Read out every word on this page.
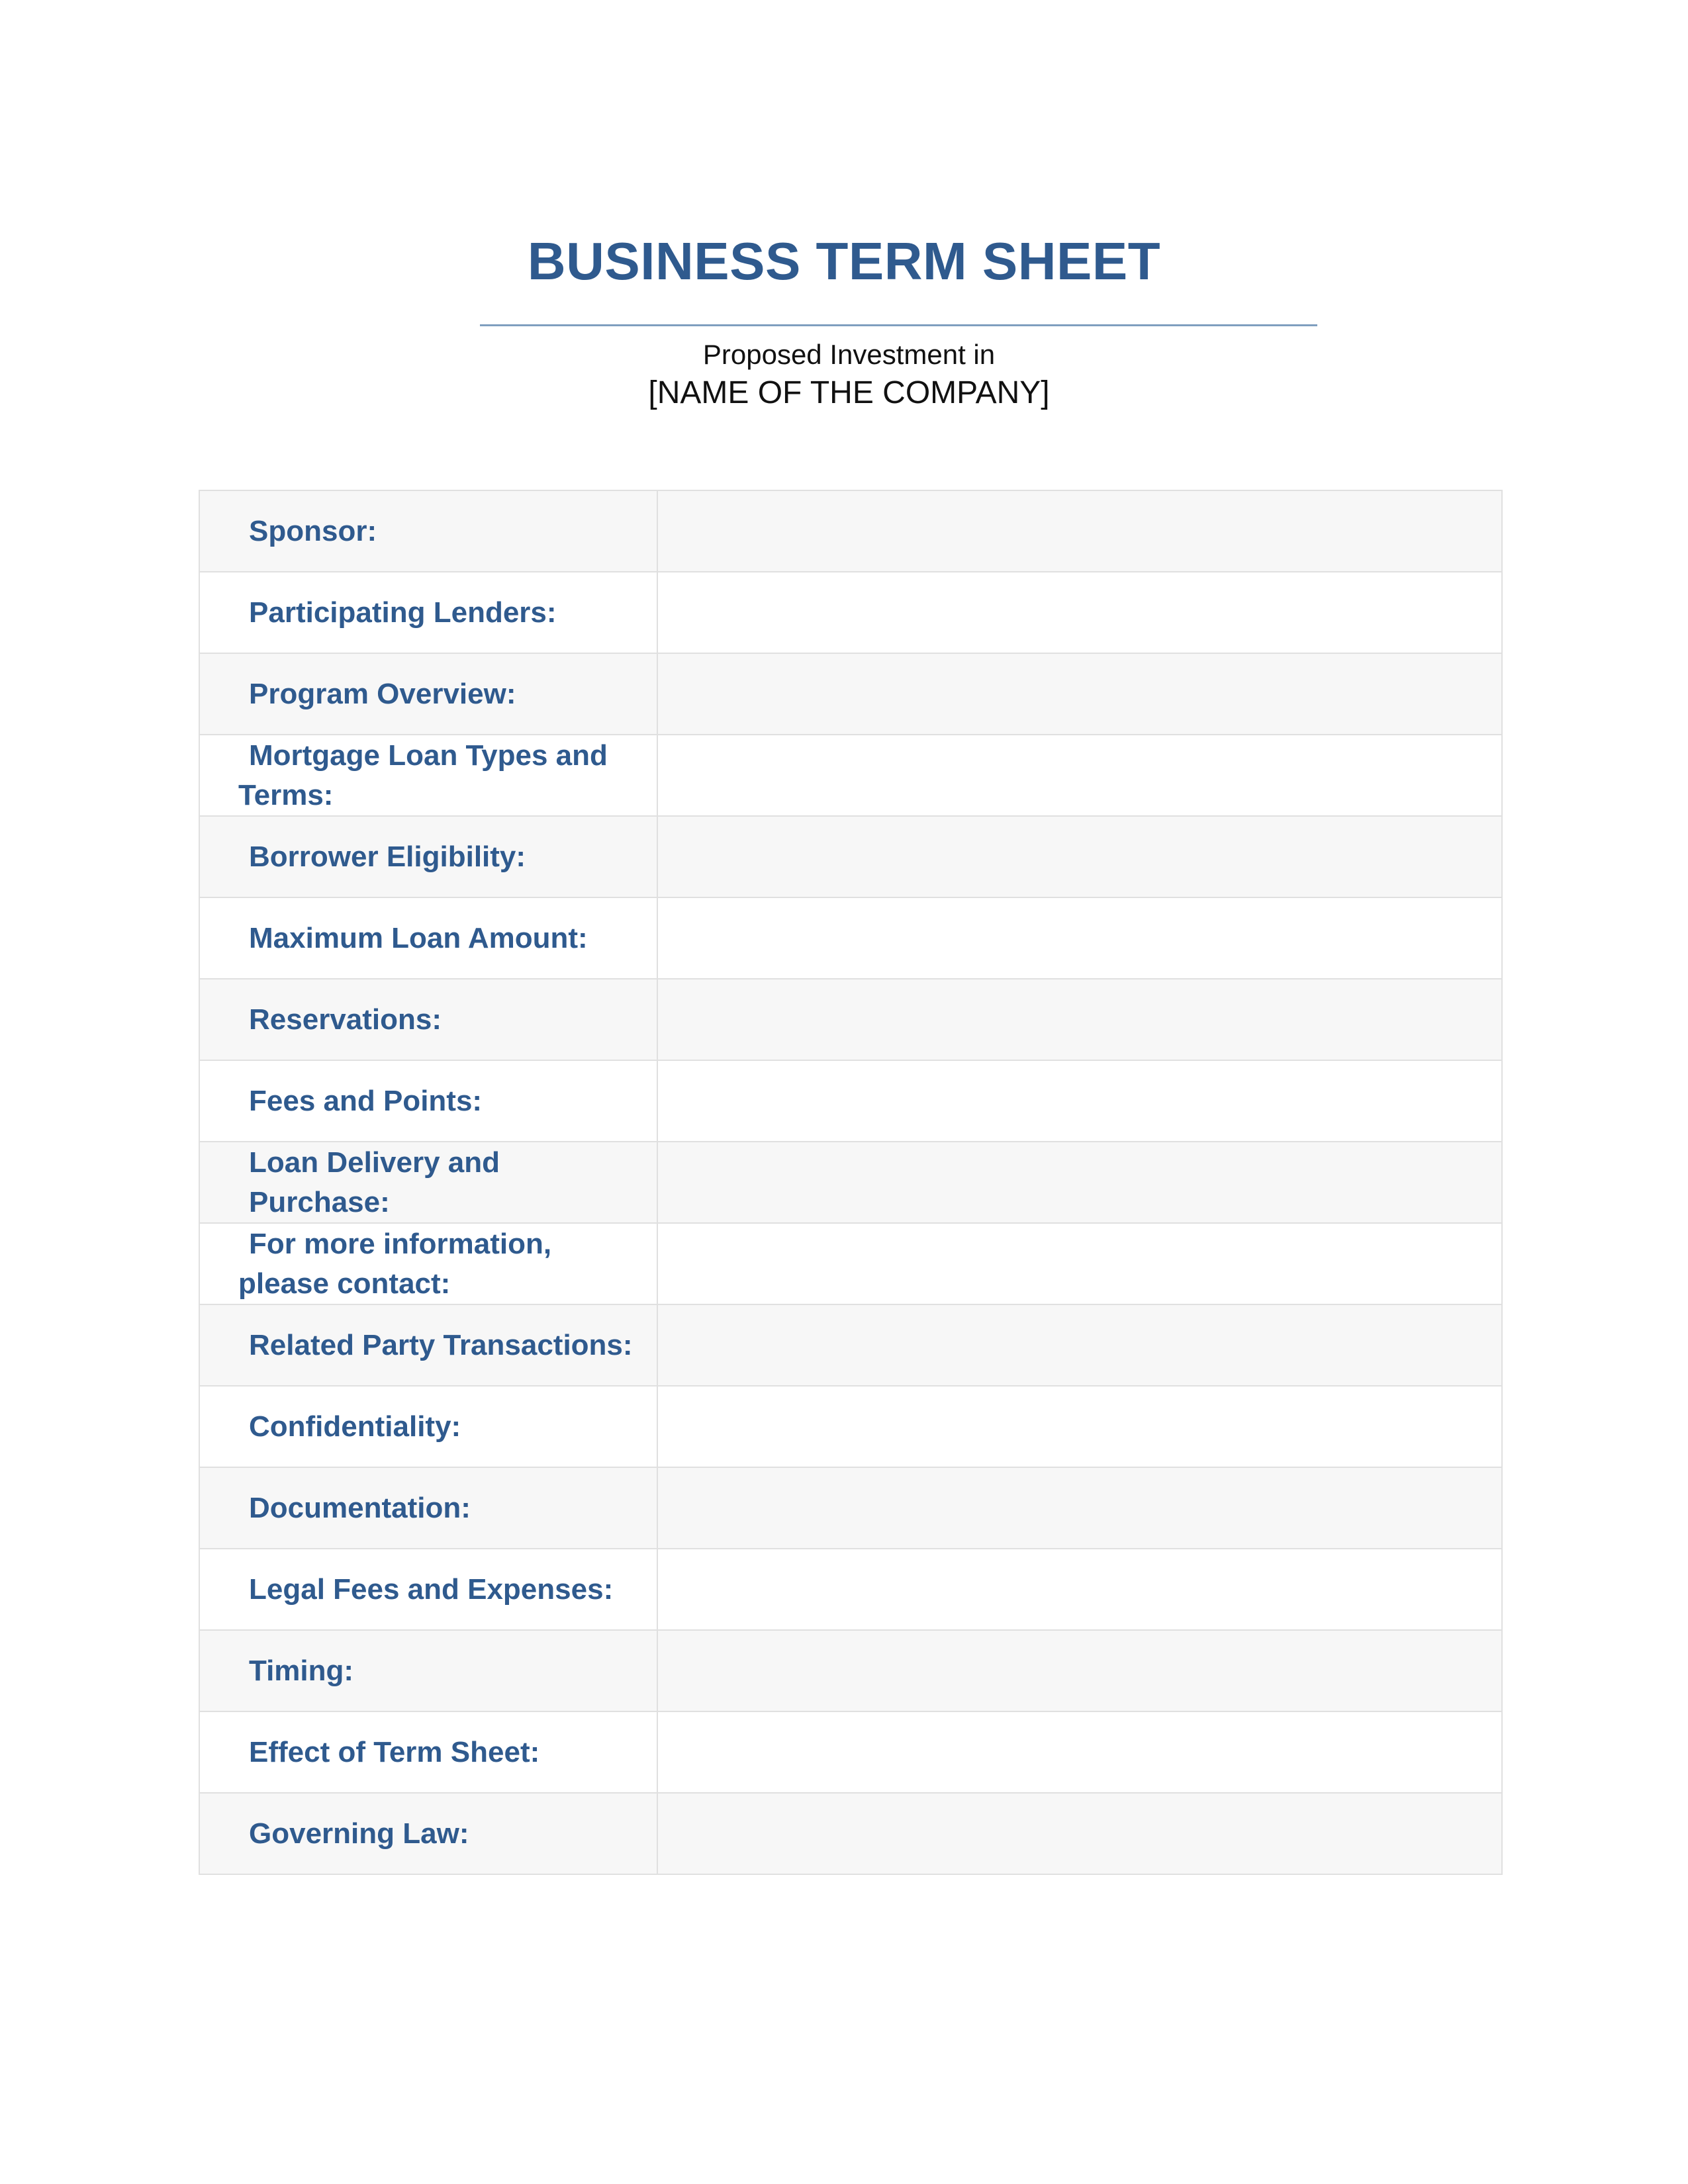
BUSINESS TERM SHEET
Proposed Investment in
[NAME OF THE COMPANY]
Sponsor:	

Participating Lenders:	

Program Overview:	

Mortgage Loan Types and Terms:	

Borrower Eligibility:	

Maximum Loan Amount:	

Reservations:	

Fees and Points:	

Loan Delivery and Purchase:	

For more information, please contact:	

Related Party Transactions:	

Confidentiality:	

Documentation:	

Legal Fees and Expenses:	

Timing:	

Effect of Term Sheet:	

Governing Law:	
